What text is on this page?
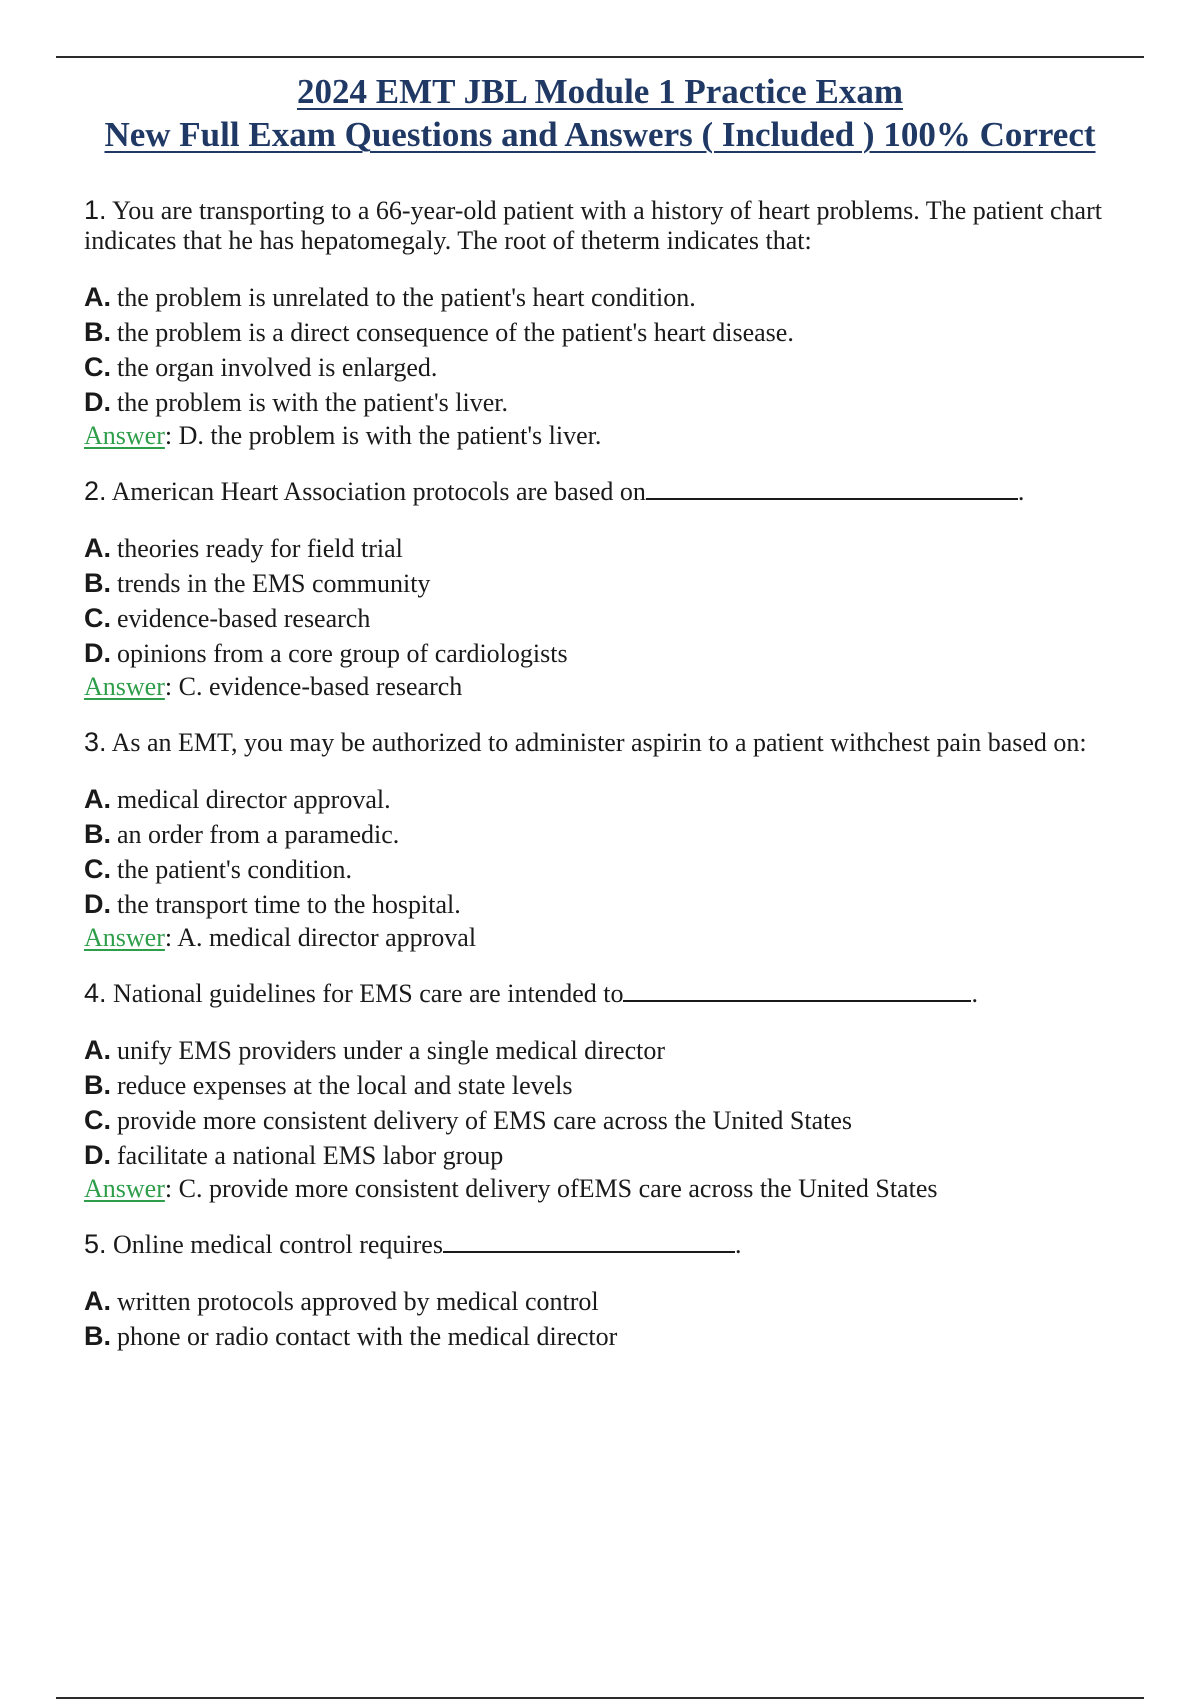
2024 EMT JBL Module 1 Practice Exam
New Full Exam Questions and Answers ( Included ) 100% Correct
1. You are transporting to a 66-year-old patient with a history of heart problems. The patient chart indicates that he has hepatomegaly. The root of theterm indicates that:
A. the problem is unrelated to the patient's heart condition.
B. the problem is a direct consequence of the patient's heart disease.
C. the organ involved is enlarged.
D. the problem is with the patient's liver.
Answer: D. the problem is with the patient's liver.
2. American Heart Association protocols are based on	.
A. theories ready for field trial
B. trends in the EMS community
C. evidence-based research
D. opinions from a core group of cardiologists
Answer: C. evidence-based research
3. As an EMT, you may be authorized to administer aspirin to a patient withchest pain based on:
A. medical director approval.
B. an order from a paramedic.
C. the patient's condition.
D. the transport time to the hospital.
Answer: A. medical director approval
4. National guidelines for EMS care are intended to	.
A. unify EMS providers under a single medical director
B. reduce expenses at the local and state levels
C. provide more consistent delivery of EMS care across the United States
D. facilitate a national EMS labor group
Answer: C. provide more consistent delivery ofEMS care across the United States
5. Online medical control requires	.
A. written protocols approved by medical control
B. phone or radio contact with the medical director
